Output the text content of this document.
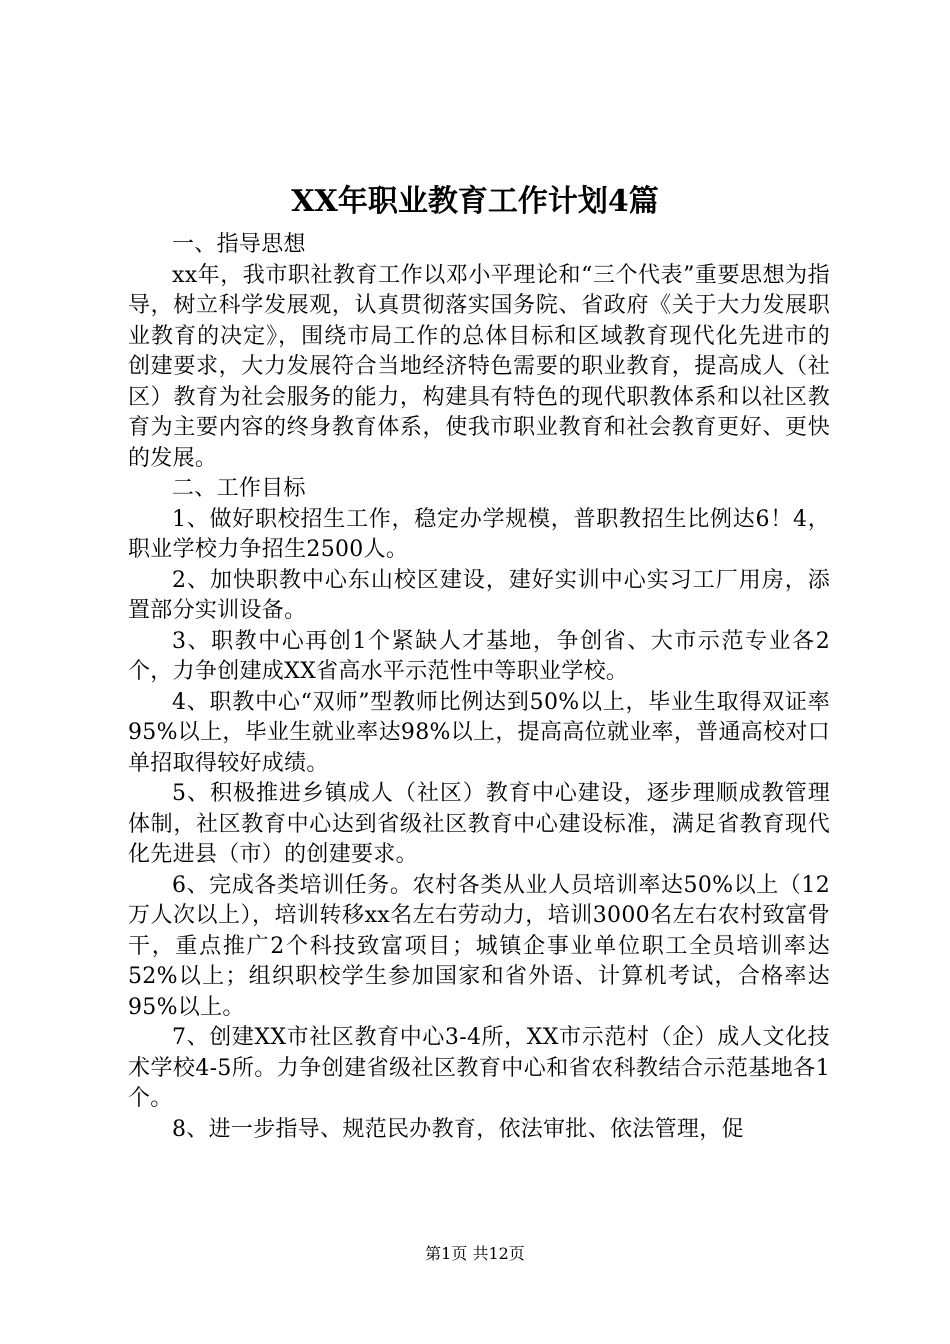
XX年职业教育工作计划4篇

一、指导思想

xx年，我市职社教育工作以邓小平理论和“三个代表”重要思想为指导，树立科学发展观，认真贯彻落实国务院、省政府《关于大力发展职业教育的决定》，围绕市局工作的总体目标和区域教育现代化先进市的创建要求，大力发展符合当地经济特色需要的职业教育，提高成人（社区）教育为社会服务的能力，构建具有特色的现代职教体系和以社区教育为主要内容的终身教育体系，使我市职业教育和社会教育更好、更快的发展。

二、工作目标

1、做好职校招生工作，稳定办学规模，普职教招生比例达6！4，职业学校力争招生2500人。

2、加快职教中心东山校区建设，建好实训中心实习工厂用房，添置部分实训设备。

3、职教中心再创1个紧缺人才基地，争创省、大市示范专业各2个，力争创建成XX省高水平示范性中等职业学校。

4、职教中心“双师”型教师比例达到50%以上，毕业生取得双证率95%以上，毕业生就业率达98%以上，提高高位就业率，普通高校对口单招取得较好成绩。

5、积极推进乡镇成人（社区）教育中心建设，逐步理顺成教管理体制，社区教育中心达到省级社区教育中心建设标准，满足省教育现代化先进县（市）的创建要求。

6、完成各类培训任务。农村各类从业人员培训率达50%以上（12万人次以上），培训转移xx名左右劳动力，培训3000名左右农村致富骨干，重点推广2个科技致富项目；城镇企事业单位职工全员培训率达52%以上；组织职校学生参加国家和省外语、计算机考试，合格率达95%以上。

7、创建XX市社区教育中心3-4所，XX市示范村（企）成人文化技术学校4-5所。力争创建省级社区教育中心和省农科教结合示范基地各1个。

8、进一步指导、规范民办教育，依法审批、依法管理，促

第1页 共12页
